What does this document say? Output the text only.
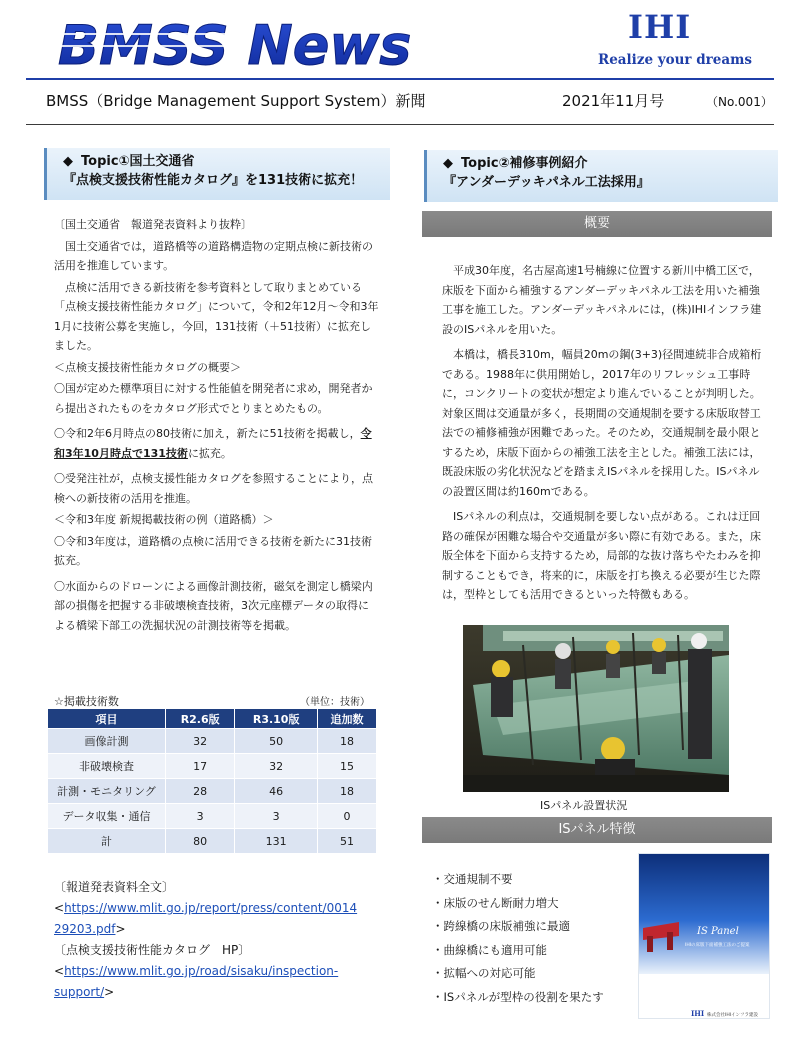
BMSS News	IHI
Realize your dreams
BMSS（Bridge Management Support System）新聞	2021年11月号	（No.001）
◆ Topic①国土交通省
『点検支援技術性能カタログ』を131技術に拡充！

〔国土交通省　報道発表資料より抜粋〕

国土交通省では，道路橋等の道路構造物の定期点検に新技術の活用を推進しています。

点検に活用できる新技術を参考資料として取りまとめている「点検支援技術性能カタログ」について，令和2年12月～令和3年1月に技術公募を実施し，今回，131技術（＋51技術）に拡充しました。

＜点検支援技術性能カタログの概要＞

〇国が定めた標準項目に対する性能値を開発者に求め，開発者から提出されたものをカタログ形式でとりまとめたもの。

〇令和2年6月時点の80技術に加え，新たに51技術を掲載し，令和3年10月時点で131技術に拡充。

〇受発注社が，点検支援性能カタログを参照することにより，点検への新技術の活用を推進。

＜令和3年度 新規掲載技術の例（道路橋）＞

〇令和3年度は，道路橋の点検に活用できる技術を新たに31技術拡充。

〇水面からのドローンによる画像計測技術，磁気を測定し橋梁内部の損傷を把握する非破壊検査技術，3次元座標データの取得による橋梁下部工の洗掘状況の計測技術等を掲載。

☆掲載技術数	（単位：技術）
項目	R2.6版	R3.10版	追加数
画像計測	32	50	18
非破壊検査	17	32	15
計測・モニタリング	28	46	18
データ収集・通信	3	3	0
計	80	131	51
〔報道発表資料全文〕
<https://www.mlit.go.jp/report/press/content/0014
29203.pdf>
〔点検支援技術性能カタログ　HP〕
<https://www.mlit.go.jp/road/sisaku/inspection-
support/>
◆ Topic②補修事例紹介
『アンダーデッキパネル工法採用』
概要

平成30年度，名古屋高速1号楠線に位置する新川中橋工区で，床版を下面から補強するアンダーデッキパネル工法を用いた補強工事を施工した。アンダーデッキパネルには，(株)IHIインフラ建設のISパネルを用いた。

本橋は，橋長310m，幅員20mの鋼(3+3)径間連続非合成箱桁である。1988年に供用開始し，2017年のリフレッシュ工事時に，コンクリートの変状が想定より進んでいることが判明した。対象区間は交通量が多く，長期間の交通規制を要する床版取替工法での補修補強が困難であった。そのため，交通規制を最小限とするため，床版下面からの補強工法を主とした。補強工法には，既設床版の劣化状況などを踏まえISパネルを採用した。ISパネルの設置区間は約160mである。

ISパネルの利点は，交通規制を要しない点がある。これは迂回路の確保が困難な場合や交通量が多い際に有効である。また，床版全体を下面から支持するため，局部的な抜け落ちやたわみを抑制することもでき，将来的に，床版を打ち換える必要が生じた際は，型枠としても活用できるといった特徴もある。

ISパネル設置状況
ISパネル特徴
・交通規制不要
・床版のせん断耐力増大
・跨線橋の床版補強に最適
・曲線橋にも適用可能
・拡幅への対応可能
・ISパネルが型枠の役割を果たす
IS Panel
IHIの床版下面補強工法のご提案
IHI 株式会社IHIインフラ建設
